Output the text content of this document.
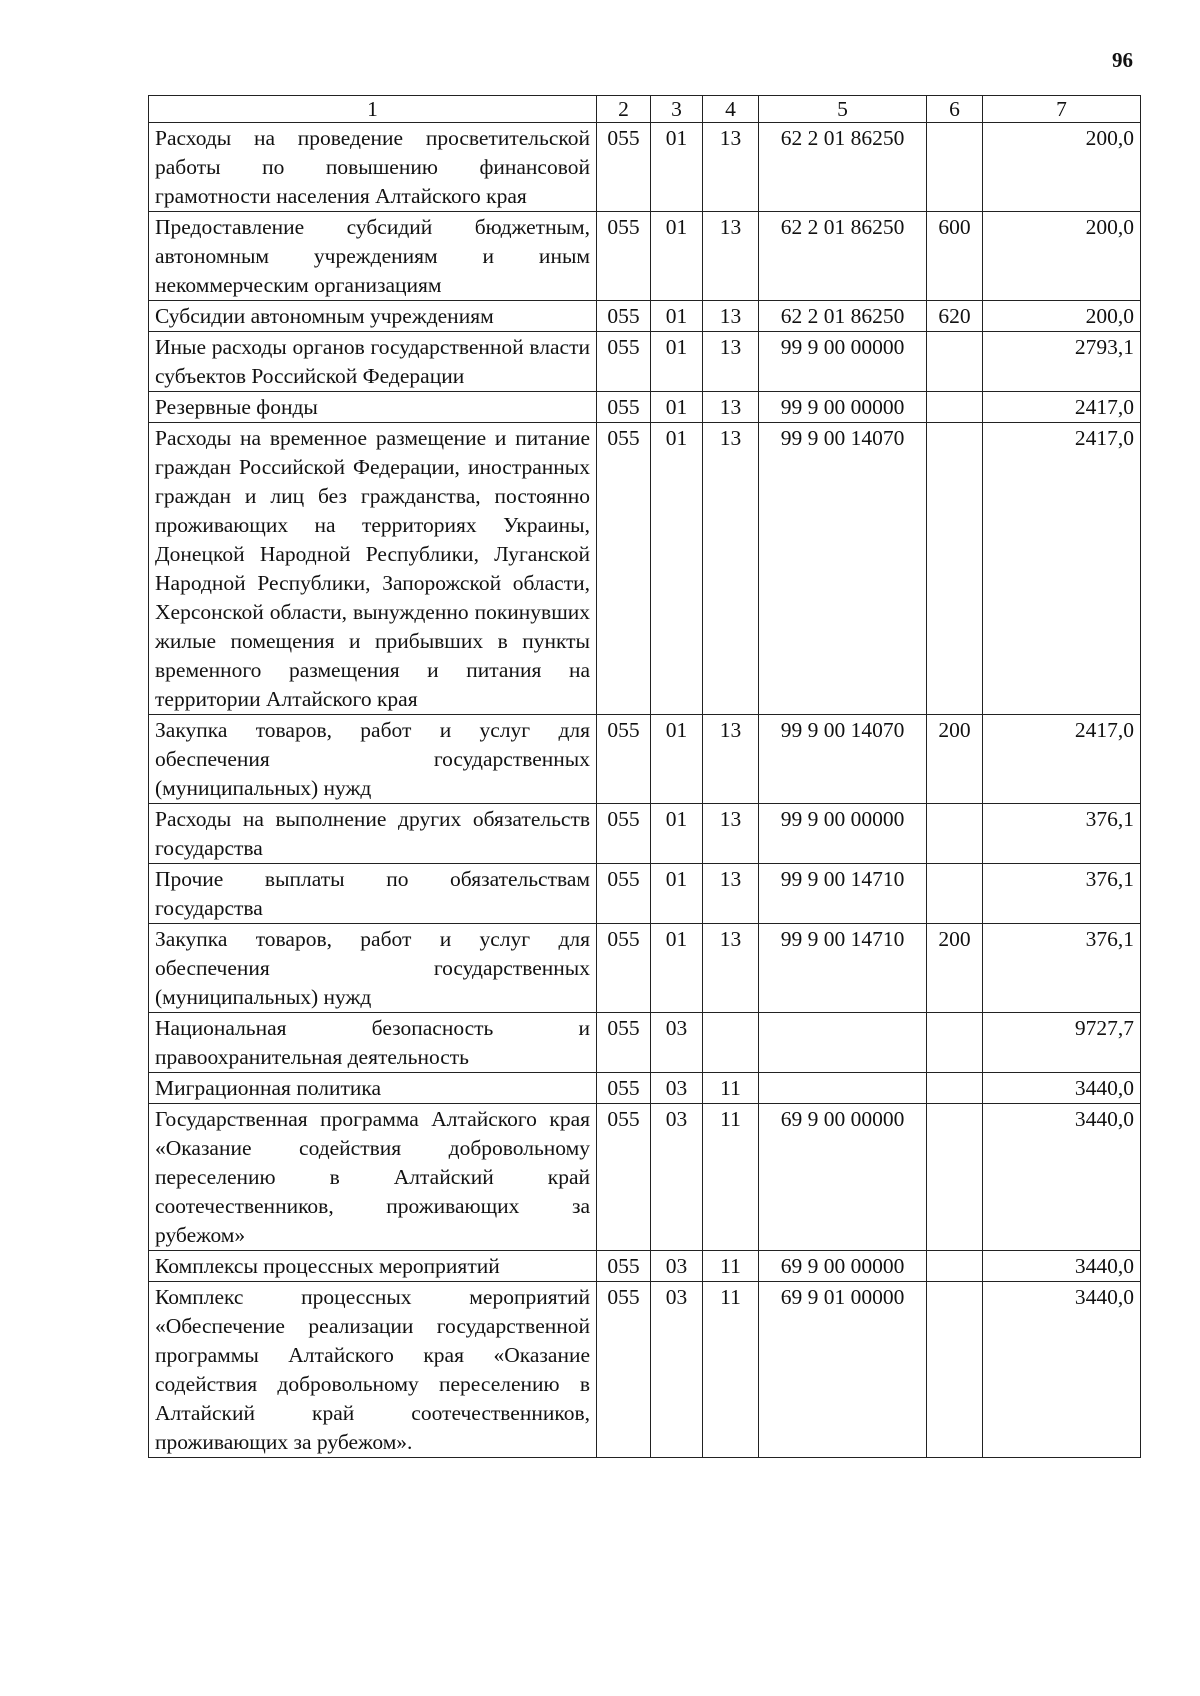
96
1	2	3	4	5	6	7
Расходы на проведение просветительской работы по повышению финансовой грамотности населения Алтайского края	055	01	13	62 2 01 86250		200,0
Предоставление субсидий бюджетным, автономным учреждениям и иным некоммерческим организациям	055	01	13	62 2 01 86250	600	200,0
Субсидии автономным учреждениям	055	01	13	62 2 01 86250	620	200,0
Иные расходы органов государственной власти субъектов Российской Федерации	055	01	13	99 9 00 00000		2793,1
Резервные фонды	055	01	13	99 9 00 00000		2417,0
Расходы на временное размещение и питание граждан Российской Федерации, иностранных граждан и лиц без гражданства, постоянно проживающих на территориях Украины, Донецкой Народной Республики, Луганской Народной Республики, Запорожской области, Херсонской области, вынужденно покинувших жилые помещения и прибывших в пункты временного размещения и питания на территории Алтайского края	055	01	13	99 9 00 14070		2417,0
Закупка товаров, работ и услуг для обеспечения государственных (муниципальных) нужд	055	01	13	99 9 00 14070	200	2417,0
Расходы на выполнение других обязательств государства	055	01	13	99 9 00 00000		376,1
Прочие выплаты по обязательствам государства	055	01	13	99 9 00 14710		376,1
Закупка товаров, работ и услуг для обеспечения государственных (муниципальных) нужд	055	01	13	99 9 00 14710	200	376,1
Национальная безопасность и правоохранительная деятельность	055	03				9727,7
Миграционная политика	055	03	11			3440,0
Государственная программа Алтайского края «Оказание содействия добровольному переселению в Алтайский край соотечественников, проживающих за рубежом»	055	03	11	69 9 00 00000		3440,0
Комплексы процессных мероприятий	055	03	11	69 9 00 00000		3440,0
Комплекс процессных мероприятий «Обеспечение реализации государственной программы Алтайского края «Оказание содействия добровольному переселению в Алтайский край соотечественников, проживающих за рубежом».	055	03	11	69 9 01 00000		3440,0
